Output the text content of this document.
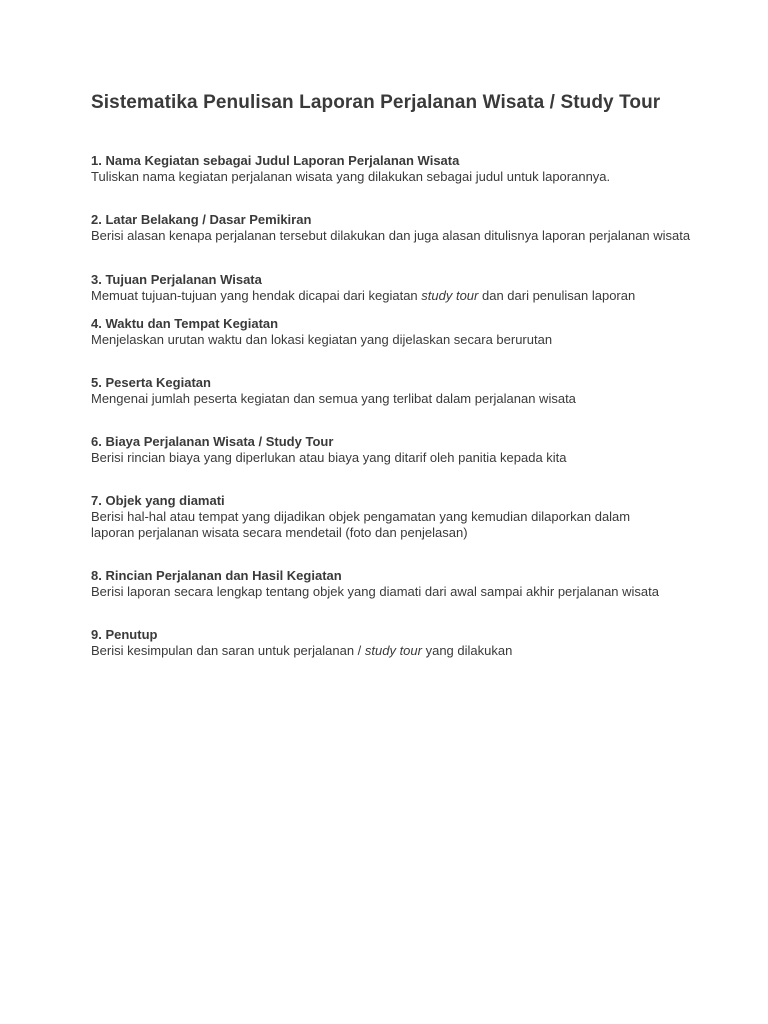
Sistematika Penulisan Laporan Perjalanan Wisata / Study Tour
1. Nama Kegiatan sebagai Judul Laporan Perjalanan Wisata
Tuliskan nama kegiatan perjalanan wisata yang dilakukan sebagai judul untuk laporannya.
2. Latar Belakang / Dasar Pemikiran
Berisi alasan kenapa perjalanan tersebut dilakukan dan juga alasan ditulisnya laporan perjalanan wisata
3. Tujuan Perjalanan Wisata
Memuat tujuan-tujuan yang hendak dicapai dari kegiatan study tour dan dari penulisan laporan
4. Waktu dan Tempat Kegiatan
Menjelaskan urutan waktu dan lokasi kegiatan yang dijelaskan secara berurutan
5. Peserta Kegiatan
Mengenai jumlah peserta kegiatan dan semua yang terlibat dalam perjalanan wisata
6. Biaya Perjalanan Wisata / Study Tour
Berisi rincian biaya yang diperlukan atau biaya yang ditarif oleh panitia kepada kita
7. Objek yang diamati
Berisi hal-hal atau tempat yang dijadikan objek pengamatan yang kemudian dilaporkan dalam laporan perjalanan wisata secara mendetail (foto dan penjelasan)
8. Rincian Perjalanan dan Hasil Kegiatan
Berisi laporan secara lengkap tentang objek yang diamati dari awal sampai akhir perjalanan wisata
9. Penutup
Berisi kesimpulan dan saran untuk perjalanan / study tour yang dilakukan
